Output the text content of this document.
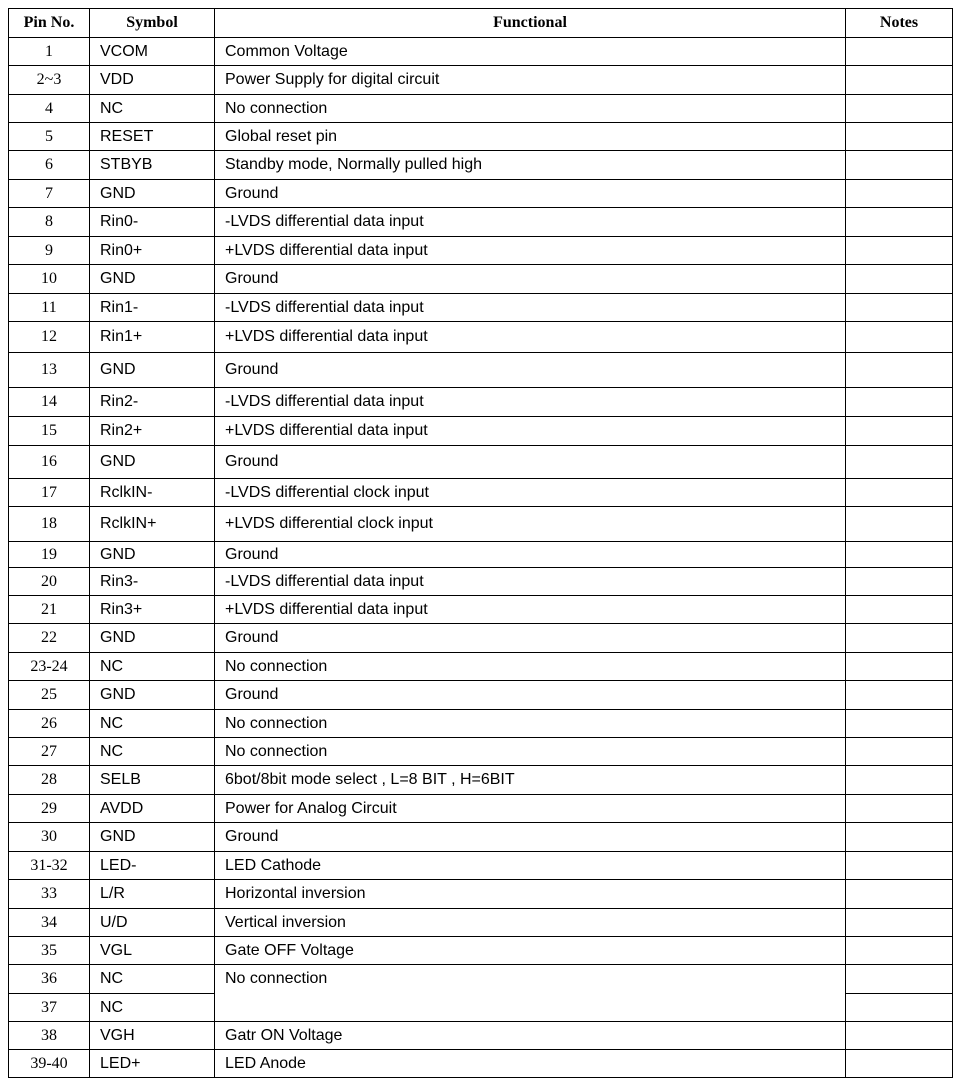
Pin No.	Symbol	Functional	Notes
1	VCOM	Common Voltage	
2~3	VDD	Power Supply for digital circuit	
4	NC	No connection	
5	RESET	Global reset pin	
6	STBYB	Standby mode, Normally pulled high	
7	GND	Ground	
8	Rin0-	-LVDS differential data input	
9	Rin0+	+LVDS differential data input	
10	GND	Ground	
11	Rin1-	-LVDS differential data input	
12	Rin1+	+LVDS differential data input	
13	GND	Ground	
14	Rin2-	-LVDS differential data input	
15	Rin2+	+LVDS differential data input	
16	GND	Ground	
17	RclkIN-	-LVDS differential clock input	
18	RclkIN+	+LVDS differential clock input	
19	GND	Ground	
20	Rin3-	-LVDS differential data input	
21	Rin3+	+LVDS differential data input	
22	GND	Ground	
23-24	NC	No connection	
25	GND	Ground	
26	NC	No connection	
27	NC	No connection	
28	SELB	6bot/8bit mode select , L=8 BIT , H=6BIT	
29	AVDD	Power for Analog Circuit	
30	GND	Ground	
31-32	LED-	LED Cathode	
33	L/R	Horizontal inversion	
34	U/D	Vertical inversion	
35	VGL	Gate OFF Voltage	
36	NC	No connection	
37	NC		
38	VGH	Gatr ON Voltage	
39-40	LED+	LED Anode	
